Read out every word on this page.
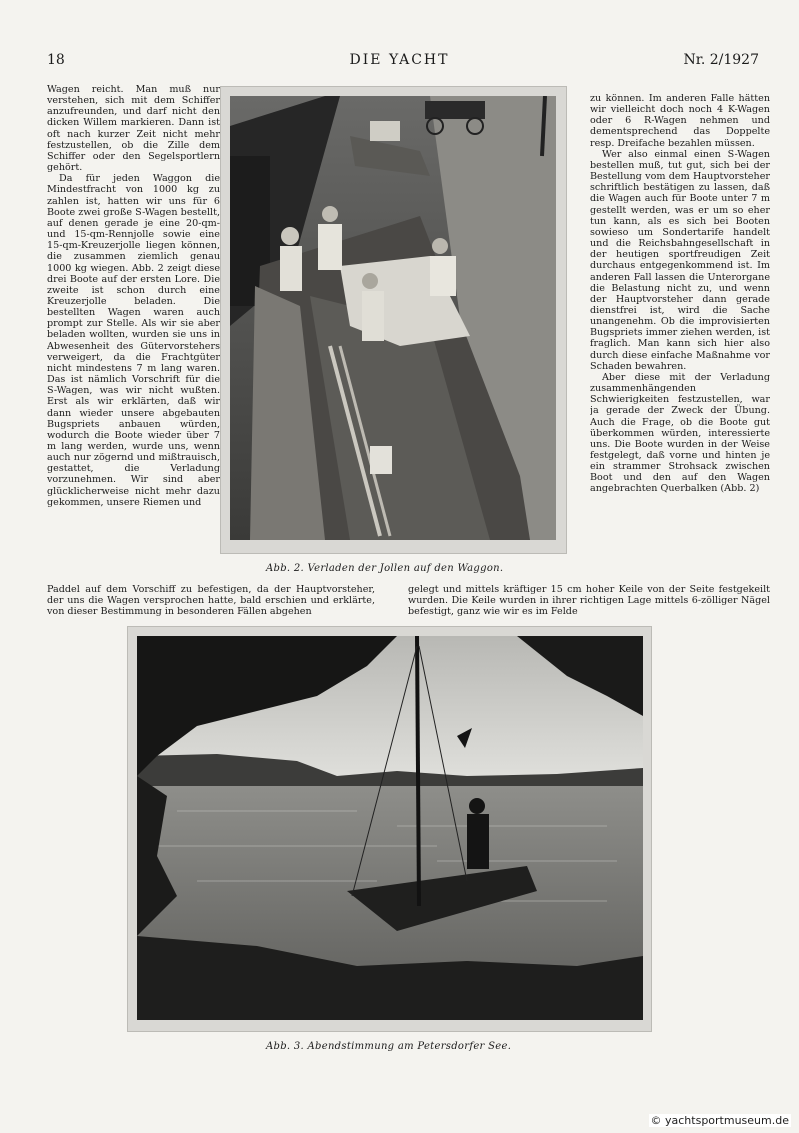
18	DIE YACHT	Nr. 2/1927

Wagen reicht. Man muß nur verstehen, sich mit dem Schiffer anzufreunden, und darf nicht den dicken Willem markieren. Dann ist oft nach kurzer Zeit nicht mehr festzustellen, ob die Zille dem Schiffer oder den Segelsportlern gehört.

Da für jeden Waggon die Mindestfracht von 1000 kg zu zahlen ist, hatten wir uns für 6 Boote zwei große S-Wagen bestellt, auf denen gerade je eine 20-qm- und 15-qm-Rennjolle sowie eine 15-qm-Kreuzerjolle liegen können, die zusammen ziemlich genau 1000 kg wiegen. Abb. 2 zeigt diese drei Boote auf der ersten Lore. Die zweite ist schon durch eine Kreuzerjolle beladen. Die bestellten Wagen waren auch prompt zur Stelle. Als wir sie aber beladen wollten, wurden sie uns in Abwesenheit des Gütervorstehers verweigert, da die Frachtgüter nicht mindestens 7 m lang waren. Das ist nämlich Vorschrift für die S-Wagen, was wir nicht wußten. Erst als wir erklärten, daß wir dann wieder unsere abgebauten Bugspriets anbauen würden, wodurch die Boote wieder über 7 m lang werden, wurde uns, wenn auch nur zögernd und mißtrauisch, gestattet, die Verladung vorzunehmen. Wir sind aber glücklicherweise nicht mehr dazu gekommen, unsere Riemen und

zu können. Im anderen Falle hätten wir vielleicht doch noch 4 K-Wagen oder 6 R-Wagen nehmen und dementsprechend das Doppelte resp. Dreifache bezahlen müssen.

Wer also einmal einen S-Wagen bestellen muß, tut gut, sich bei der Bestellung vom dem Hauptvorsteher schriftlich bestätigen zu lassen, daß die Wagen auch für Boote unter 7 m gestellt werden, was er um so eher tun kann, als es sich bei Booten sowieso um Sondertarife handelt und die Reichsbahngesellschaft in der heutigen sportfreudigen Zeit durchaus entgegenkommend ist. Im anderen Fall lassen die Unterorgane die Belastung nicht zu, und wenn der Hauptvorsteher dann gerade dienstfrei ist, wird die Sache unangenehm. Ob die improvisierten Bugspriets immer ziehen werden, ist fraglich. Man kann sich hier also durch diese einfache Maßnahme vor Schaden bewahren.

Aber diese mit der Verladung zusammenhängenden Schwierigkeiten festzustellen, war ja gerade der Zweck der Übung. Auch die Frage, ob die Boote gut überkommen würden, interessierte uns. Die Boote wurden in der Weise festgelegt, daß vorne und hinten je ein strammer Strohsack zwischen Boot und den auf den Wagen angebrachten Querbalken (Abb. 2)

Paddel auf dem Vorschiff zu befestigen, da der Hauptvorsteher, der uns die Wagen versprochen hatte, bald erschien und erklärte, von dieser Bestimmung in besonderen Fällen abgehen
gelegt und mittels kräftiger 15 cm hoher Keile von der Seite festgekeilt wurden. Die Keile wurden in ihrer richtigen Lage mittels 6-zölliger Nägel befestigt, ganz wie wir es im Felde
Abb. 2. Verladen der Jollen auf den Waggon.
Abb. 3. Abendstimmung am Petersdorfer See.
© yachtsportmuseum.de
